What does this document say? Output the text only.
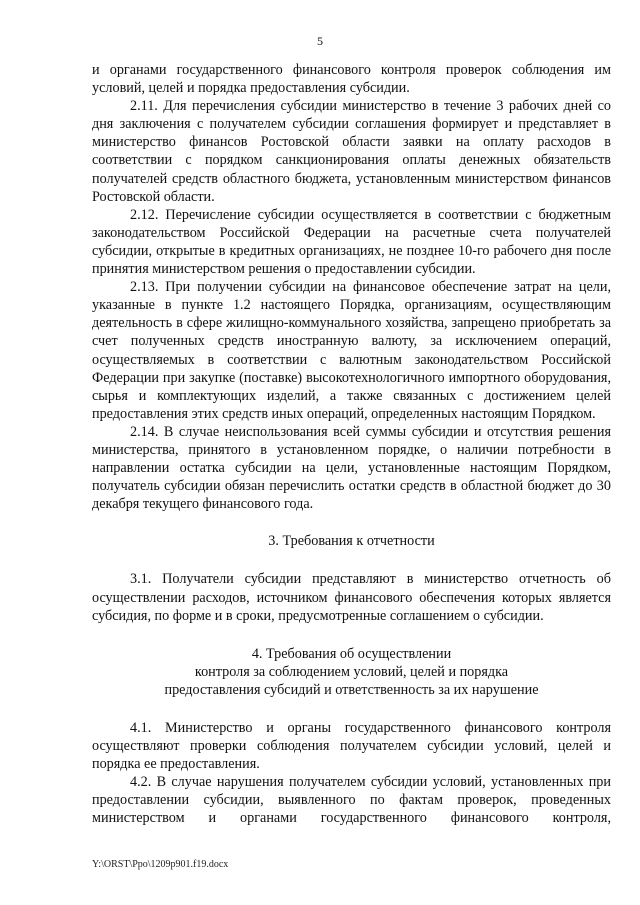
5

и органами государственного финансового контроля проверок соблюдения им условий, целей и порядка предоставления субсидии.

2.11. Для перечисления субсидии министерство в течение 3 рабочих дней со дня заключения с получателем субсидии соглашения формирует и представляет в министерство финансов Ростовской области заявки на оплату расходов в соответствии с порядком санкционирования оплаты денежных обязательств получателей средств областного бюджета, установленным министерством финансов Ростовской области.

2.12. Перечисление субсидии осуществляется в соответствии с бюджетным законодательством Российской Федерации на расчетные счета получателей субсидии, открытые в кредитных организациях, не позднее 10-го рабочего дня после принятия министерством решения о предоставлении субсидии.

2.13. При получении субсидии на финансовое обеспечение затрат на цели, указанные в пункте 1.2 настоящего Порядка, организациям, осуществляющим деятельность в сфере жилищно-коммунального хозяйства, запрещено приобретать за счет полученных средств иностранную валюту, за исключением операций, осуществляемых в соответствии с валютным законодательством Российской Федерации при закупке (поставке) высокотехнологичного импортного оборудования, сырья и комплектующих изделий, а также связанных с достижением целей предоставления этих средств иных операций, определенных настоящим Порядком.

2.14. В случае неиспользования всей суммы субсидии и отсутствия решения министерства, принятого в установленном порядке, о наличии потребности в направлении остатка субсидии на цели, установленные настоящим Порядком, получатель субсидии обязан перечислить остатки средств в областной бюджет до 30 декабря текущего финансового года.

3. Требования к отчетности

3.1. Получатели субсидии представляют в министерство отчетность об осуществлении расходов, источником финансового обеспечения которых является субсидия, по форме и в сроки, предусмотренные соглашением о субсидии.

4. Требования об осуществлении

контроля за соблюдением условий, целей и порядка

предоставления субсидий и ответственность за их нарушение

4.1. Министерство и органы государственного финансового контроля осуществляют проверки соблюдения получателем субсидии условий, целей и порядка ее предоставления.

4.2. В случае нарушения получателем субсидии условий, установленных при предоставлении субсидии, выявленного по фактам проверок, проведенных министерством и органами государственного финансового контроля,

Y:\ORST\Ppo\1209p901.f19.docx
